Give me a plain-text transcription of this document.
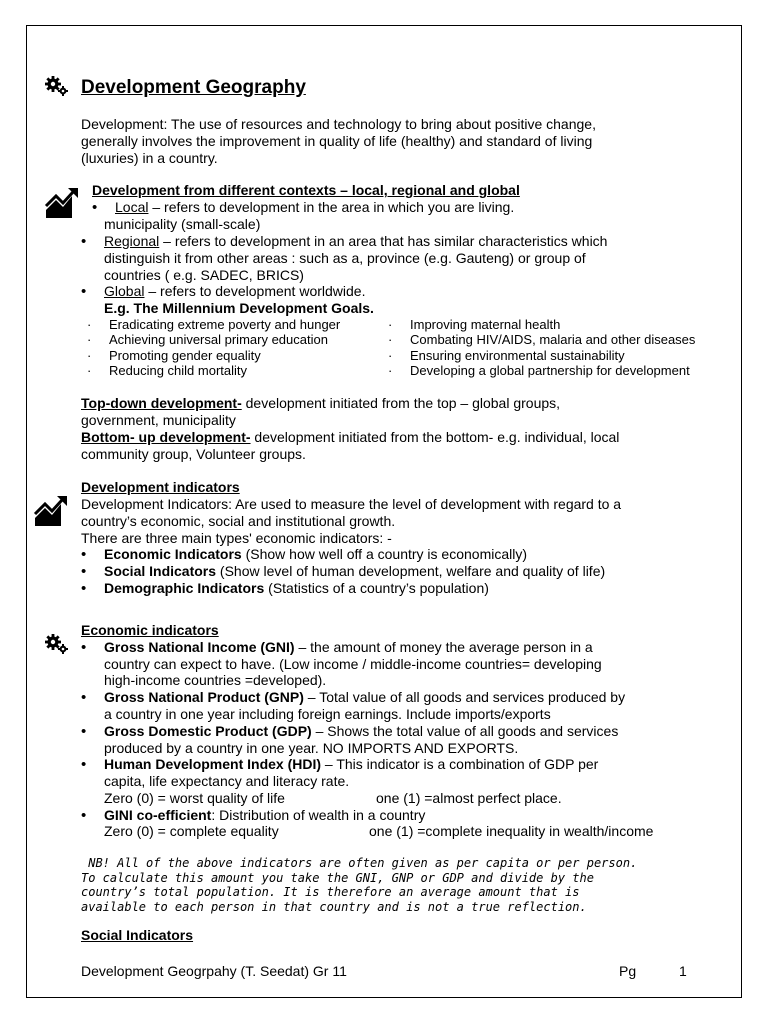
Development Geography
Development: The use of resources and technology to bring about positive change,
generally involves the improvement in quality of life (healthy) and standard of living
(luxuries) in a country.
Development from different contexts – local, regional and global
• Local – refers to development in the area in which you are living.
municipality (small-scale)
• Regional – refers to development in an area that has similar characteristics which
distinguish it from other areas : such as a, province (e.g. Gauteng) or group of
countries ( e.g. SADEC, BRICS)
• Global – refers to development worldwide.
E.g. The Millennium Development Goals.
· Eradicating extreme poverty and hunger
· Achieving universal primary education
· Promoting gender equality
· Reducing child mortality
· Improving maternal health
· Combating HIV/AIDS, malaria and other diseases
· Ensuring environmental sustainability
· Developing a global partnership for development
Top-down development- development initiated from the top – global groups,
government, municipality
Bottom- up development- development initiated from the bottom- e.g. individual, local
community group, Volunteer groups.
Development indicators
Development Indicators: Are used to measure the level of development with regard to a
country’s economic, social and institutional growth.
There are three main types' economic indicators: -
• Economic Indicators (Show how well off a country is economically)
• Social Indicators (Show level of human development, welfare and quality of life)
• Demographic Indicators (Statistics of a country’s population)
Economic indicators
• Gross National Income (GNI) – the amount of money the average person in a
country can expect to have. (Low income / middle-income countries= developing
high-income countries =developed).
• Gross National Product (GNP) – Total value of all goods and services produced by
a country in one year including foreign earnings. Include imports/exports
• Gross Domestic Product (GDP) – Shows the total value of all goods and services
produced by a country in one year. NO IMPORTS AND EXPORTS.
• Human Development Index (HDI) – This indicator is a combination of GDP per
capita, life expectancy and literacy rate.
Zero (0) = worst quality of life	one (1) =almost perfect place.
• GINI co-efficient: Distribution of wealth in a country
Zero (0) = complete equality	one (1) =complete inequality in wealth/income
NB! All of the above indicators are often given as per capita or per person.
To calculate this amount you take the GNI, GNP or GDP and divide by the
country’s total population. It is therefore an average amount that is
available to each person in that country and is not a true reflection.
Social Indicators
Development Geogrpahy (T. Seedat) Gr 11	Pg	1
